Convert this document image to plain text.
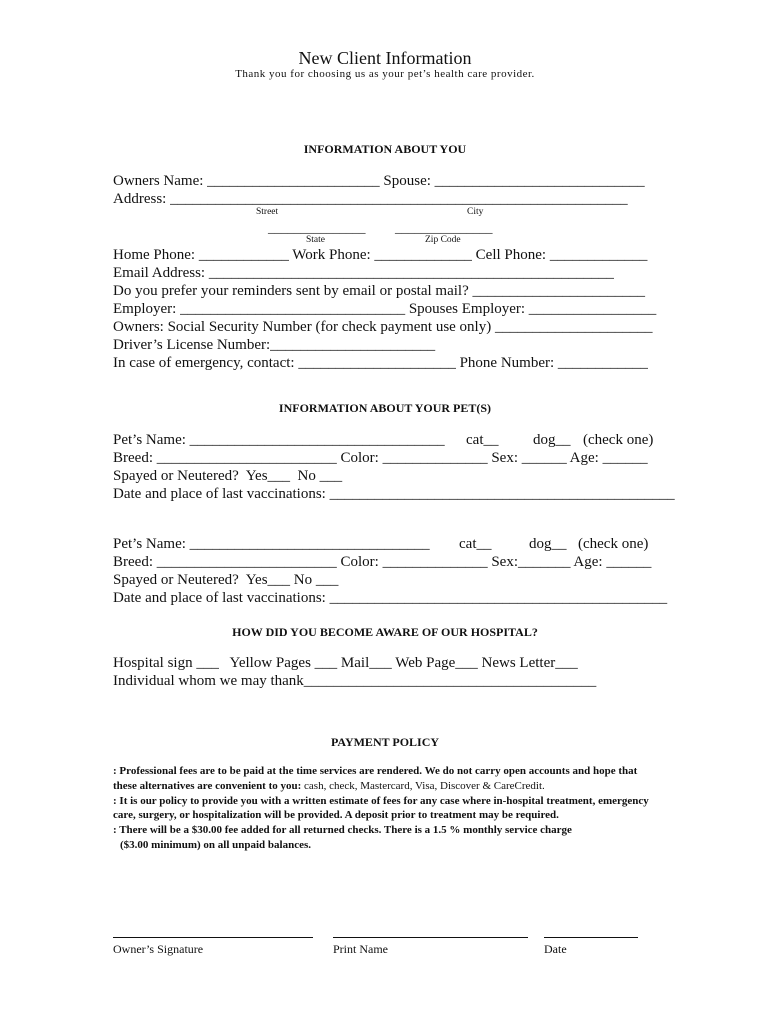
New Client Information
Thank you for choosing us as your pet’s health care provider.
INFORMATION ABOUT YOU
Owners Name: _______________________ Spouse: ____________________________
Address: _____________________________________________________________
Street	City
_______________ _______________
State	Zip Code
Home Phone: ____________ Work Phone: _____________ Cell Phone: _____________
Email Address: ______________________________________________________
Do you prefer your reminders sent by email or postal mail? _______________________
Employer: ______________________________ Spouses Employer: _________________
Owners: Social Security Number (for check payment use only) _____________________
Driver’s License Number:______________________
In case of emergency, contact: _____________________ Phone Number: ____________
INFORMATION ABOUT YOUR PET(S)
Pet’s Name: __________________________________ cat__ dog__ (check one)
Breed: ________________________ Color: ______________ Sex: ______ Age: ______
Spayed or Neutered?  Yes___  No ___
Date and place of last vaccinations: ______________________________________________
Pet’s Name: ________________________________ cat__	dog__ (check one)
Breed: ________________________ Color: ______________ Sex:_______ Age: ______
Spayed or Neutered?  Yes___ No ___
Date and place of last vaccinations: _____________________________________________
HOW DID YOU BECOME AWARE OF OUR HOSPITAL?
Hospital sign ___   Yellow Pages ___ Mail___ Web Page___ News Letter___
Individual whom we may thank_______________________________________
PAYMENT POLICY
: Professional fees are to be paid at the time services are rendered. We do not carry open accounts and hope that these alternatives are convenient to you: cash, check, Mastercard, Visa, Discover & CareCredit.
: It is our policy to provide you with a written estimate of fees for any case where in-hospital treatment, emergency care, surgery, or hospitalization will be provided. A deposit prior to treatment may be required.
: There will be a $30.00 fee added for all returned checks. There is a 1.5 % monthly service charge
($3.00 minimum) on all unpaid balances.
Owner’s Signature	Print Name	Date
